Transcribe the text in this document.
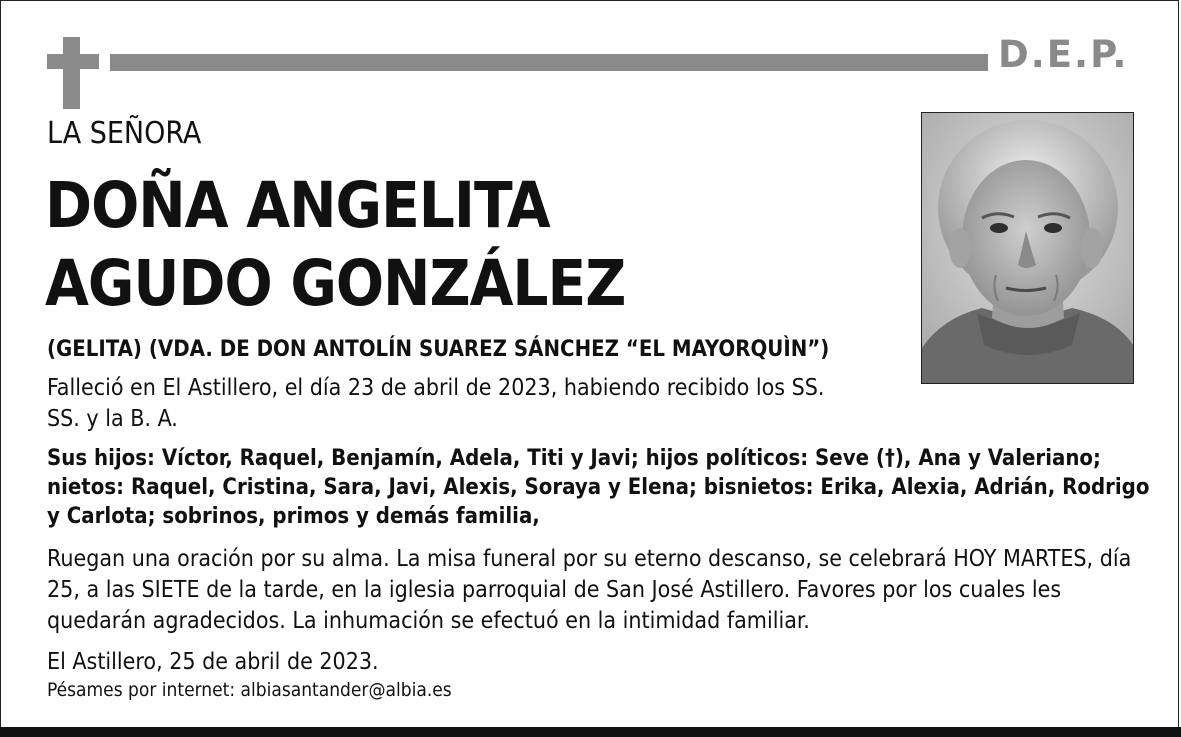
D.E.P.
LA SEÑORA
DOÑA ANGELITA
AGUDO GONZÁLEZ
(GELITA) (VDA. DE DON ANTOLÍN SUAREZ SÁNCHEZ “EL MAYORQUÌN”)
Falleció en El Astillero, el día 23 de abril de 2023, habiendo recibido los SS. SS. y la B. A.
Sus hijos: Víctor, Raquel, Benjamín, Adela, Titi y Javi; hijos políticos: Seve (†), Ana y Valeriano; nietos: Raquel, Cristina, Sara, Javi, Alexis, Soraya y Elena; bisnietos: Erika, Alexia, Adrián, Rodrigo y Carlota; sobrinos, primos y demás familia,
Ruegan una oración por su alma. La misa funeral por su eterno descanso, se celebrará HOY MARTES, día 25, a las SIETE de la tarde, en la iglesia parroquial de San José Astillero. Favores por los cuales les quedarán agradecidos. La inhumación se efectuó en la intimidad familiar.
El Astillero, 25 de abril de 2023.
Pésames por internet: albiasantander@albia.es
